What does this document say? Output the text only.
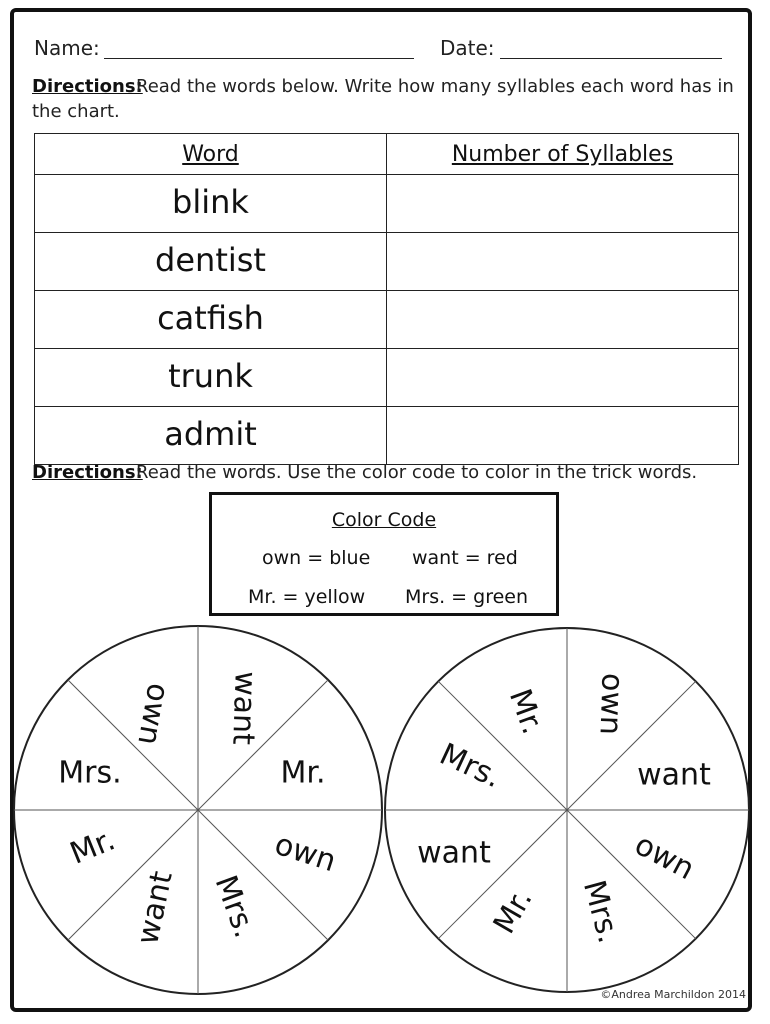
Name:	Date:
Directions:
Read the words below. Write how many syllables each word has in
the chart.
Word	Number of Syllables
blink	
dentist	
catfish	
trunk	
admit	
Directions:
Read the words. Use the color code to color in the trick words.
Color Code
own = blue want = red
Mr. = yellow Mrs. = green
own want
Mr.
own
Mrs.
want
Mr.
Mrs.
Mr. own
want
own
Mrs.
Mr.
want
Mrs.
©Andrea Marchildon 2014
